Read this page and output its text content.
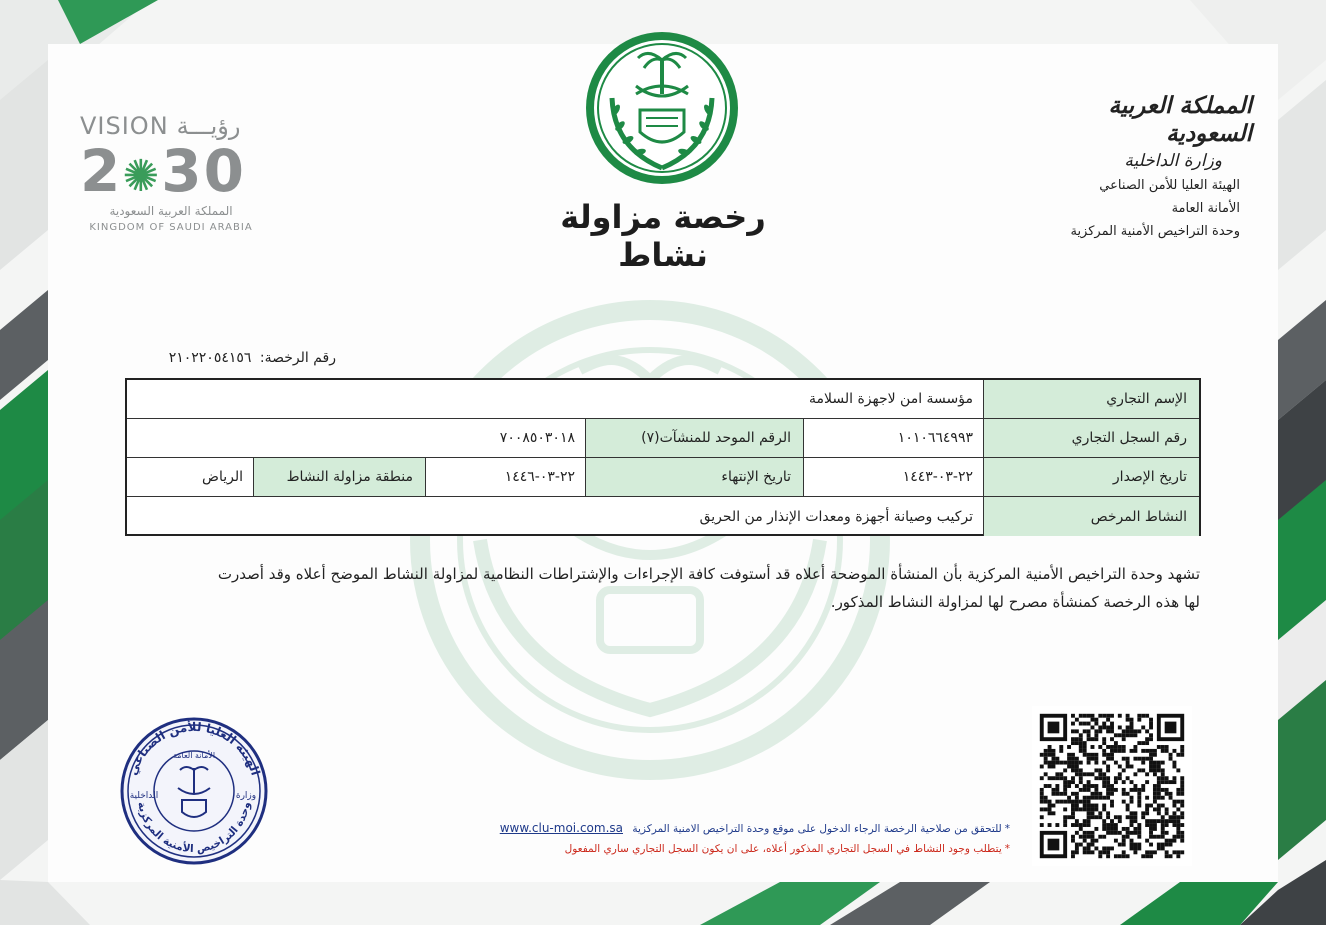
VISION رؤيـــة
2✺30
المملكة العربية السعودية
KINGDOM OF SAUDI ARABIA	رخصة مزاولة نشاط
المملكة العربية السعودية
وزارة الداخلية
الهيئة العليا للأمن الصناعي
الأمانة العامة
وحدة التراخيص الأمنية المركزية
رقم الرخصة: ٢١٠٢٢٠٥٤١٥٦
الإسم التجاري
مؤسسة امن لاجهزة السلامة
رقم السجل التجاري
١٠١٠٦٦٤٩٩٣
الرقم الموحد للمنشآت(٧)
٧٠٠٨٥٠٣٠١٨
تاريخ الإصدار
٢٢-٠٣-١٤٤٣
تاريخ الإنتهاء
٢٢-٠٣-١٤٤٦
منطقة مزاولة النشاط
الرياض
النشاط المرخص
تركيب وصيانة أجهزة ومعدات الإنذار من الحريق
تشهد وحدة التراخيص الأمنية المركزية بأن المنشأة الموضحة أعلاه قد أستوفت كافة الإجراءات والإشتراطات النظامية لمزاولة النشاط الموضح أعلاه وقد أصدرت
لها هذه الرخصة كمنشأة مصرح لها لمزاولة النشاط المذكور.
الهيئة العليا للأمن الصناعي
وحدة التراخيص الأمنية المركزية
الأمانة العامة
الداخلية	وزارة
*للتحقق من صلاحية الرخصة الرجاء الدخول على موقع وحدة التراخيص الامنية المركزية www.clu-moi.com.sa
*يتطلب وجود النشاط في السجل التجاري المذكور أعلاه، على ان يكون السجل التجاري ساري المفعول
